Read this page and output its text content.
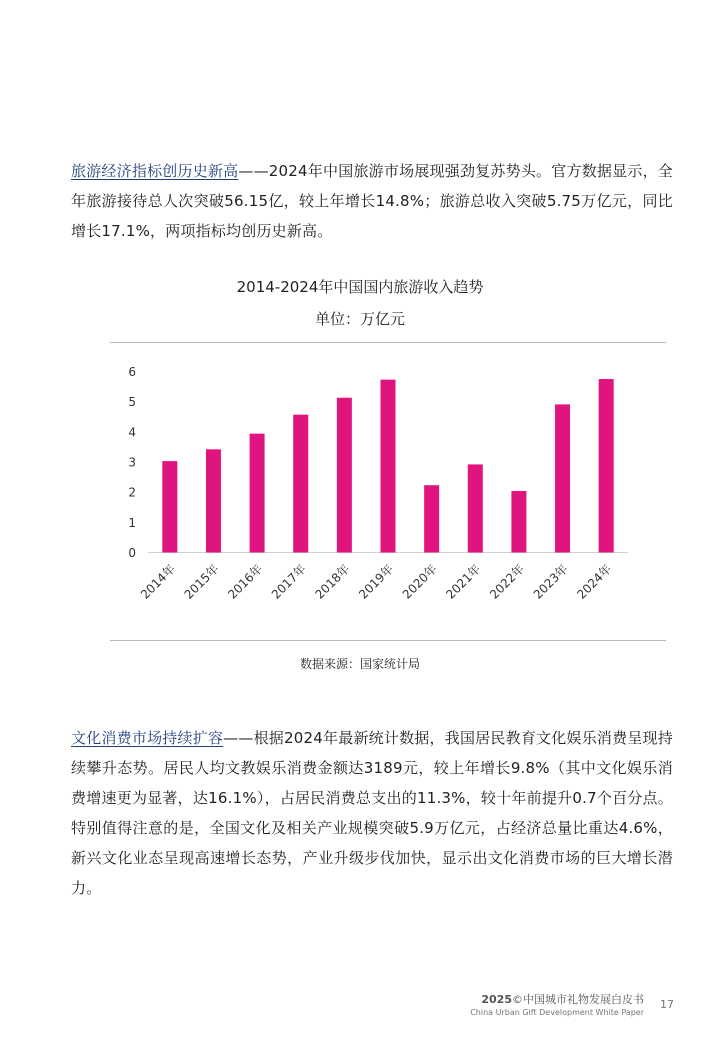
旅游经济指标创历史新高——2024年中国旅游市场展现强劲复苏势头。官方数据显示，全年旅游接待总人次突破56.15亿，较上年增长14.8%；旅游总收入突破5.75万亿元，同比增长17.1%，两项指标均创历史新高。
2014-2024年中国国内旅游收入趋势
单位：万亿元
0
1
2
3
4
5
6
2014年 2015年 2016年 2017年 2018年 2019年 2020年 2021年 2022年 2023年 2024年
数据来源：国家统计局
文化消费市场持续扩容——根据2024年最新统计数据，我国居民教育文化娱乐消费呈现持续攀升态势。居民人均文教娱乐消费金额达3189元，较上年增长9.8%（其中文化娱乐消费增速更为显著，达16.1%），占居民消费总支出的11.3%，较十年前提升0.7个百分点。特别值得注意的是，全国文化及相关产业规模突破5.9万亿元，占经济总量比重达4.6%，新兴文化业态呈现高速增长态势，产业升级步伐加快，显示出文化消费市场的巨大增长潜力。
2025©中国城市礼物发展白皮书
China Urban Gift Development White Paper
17
